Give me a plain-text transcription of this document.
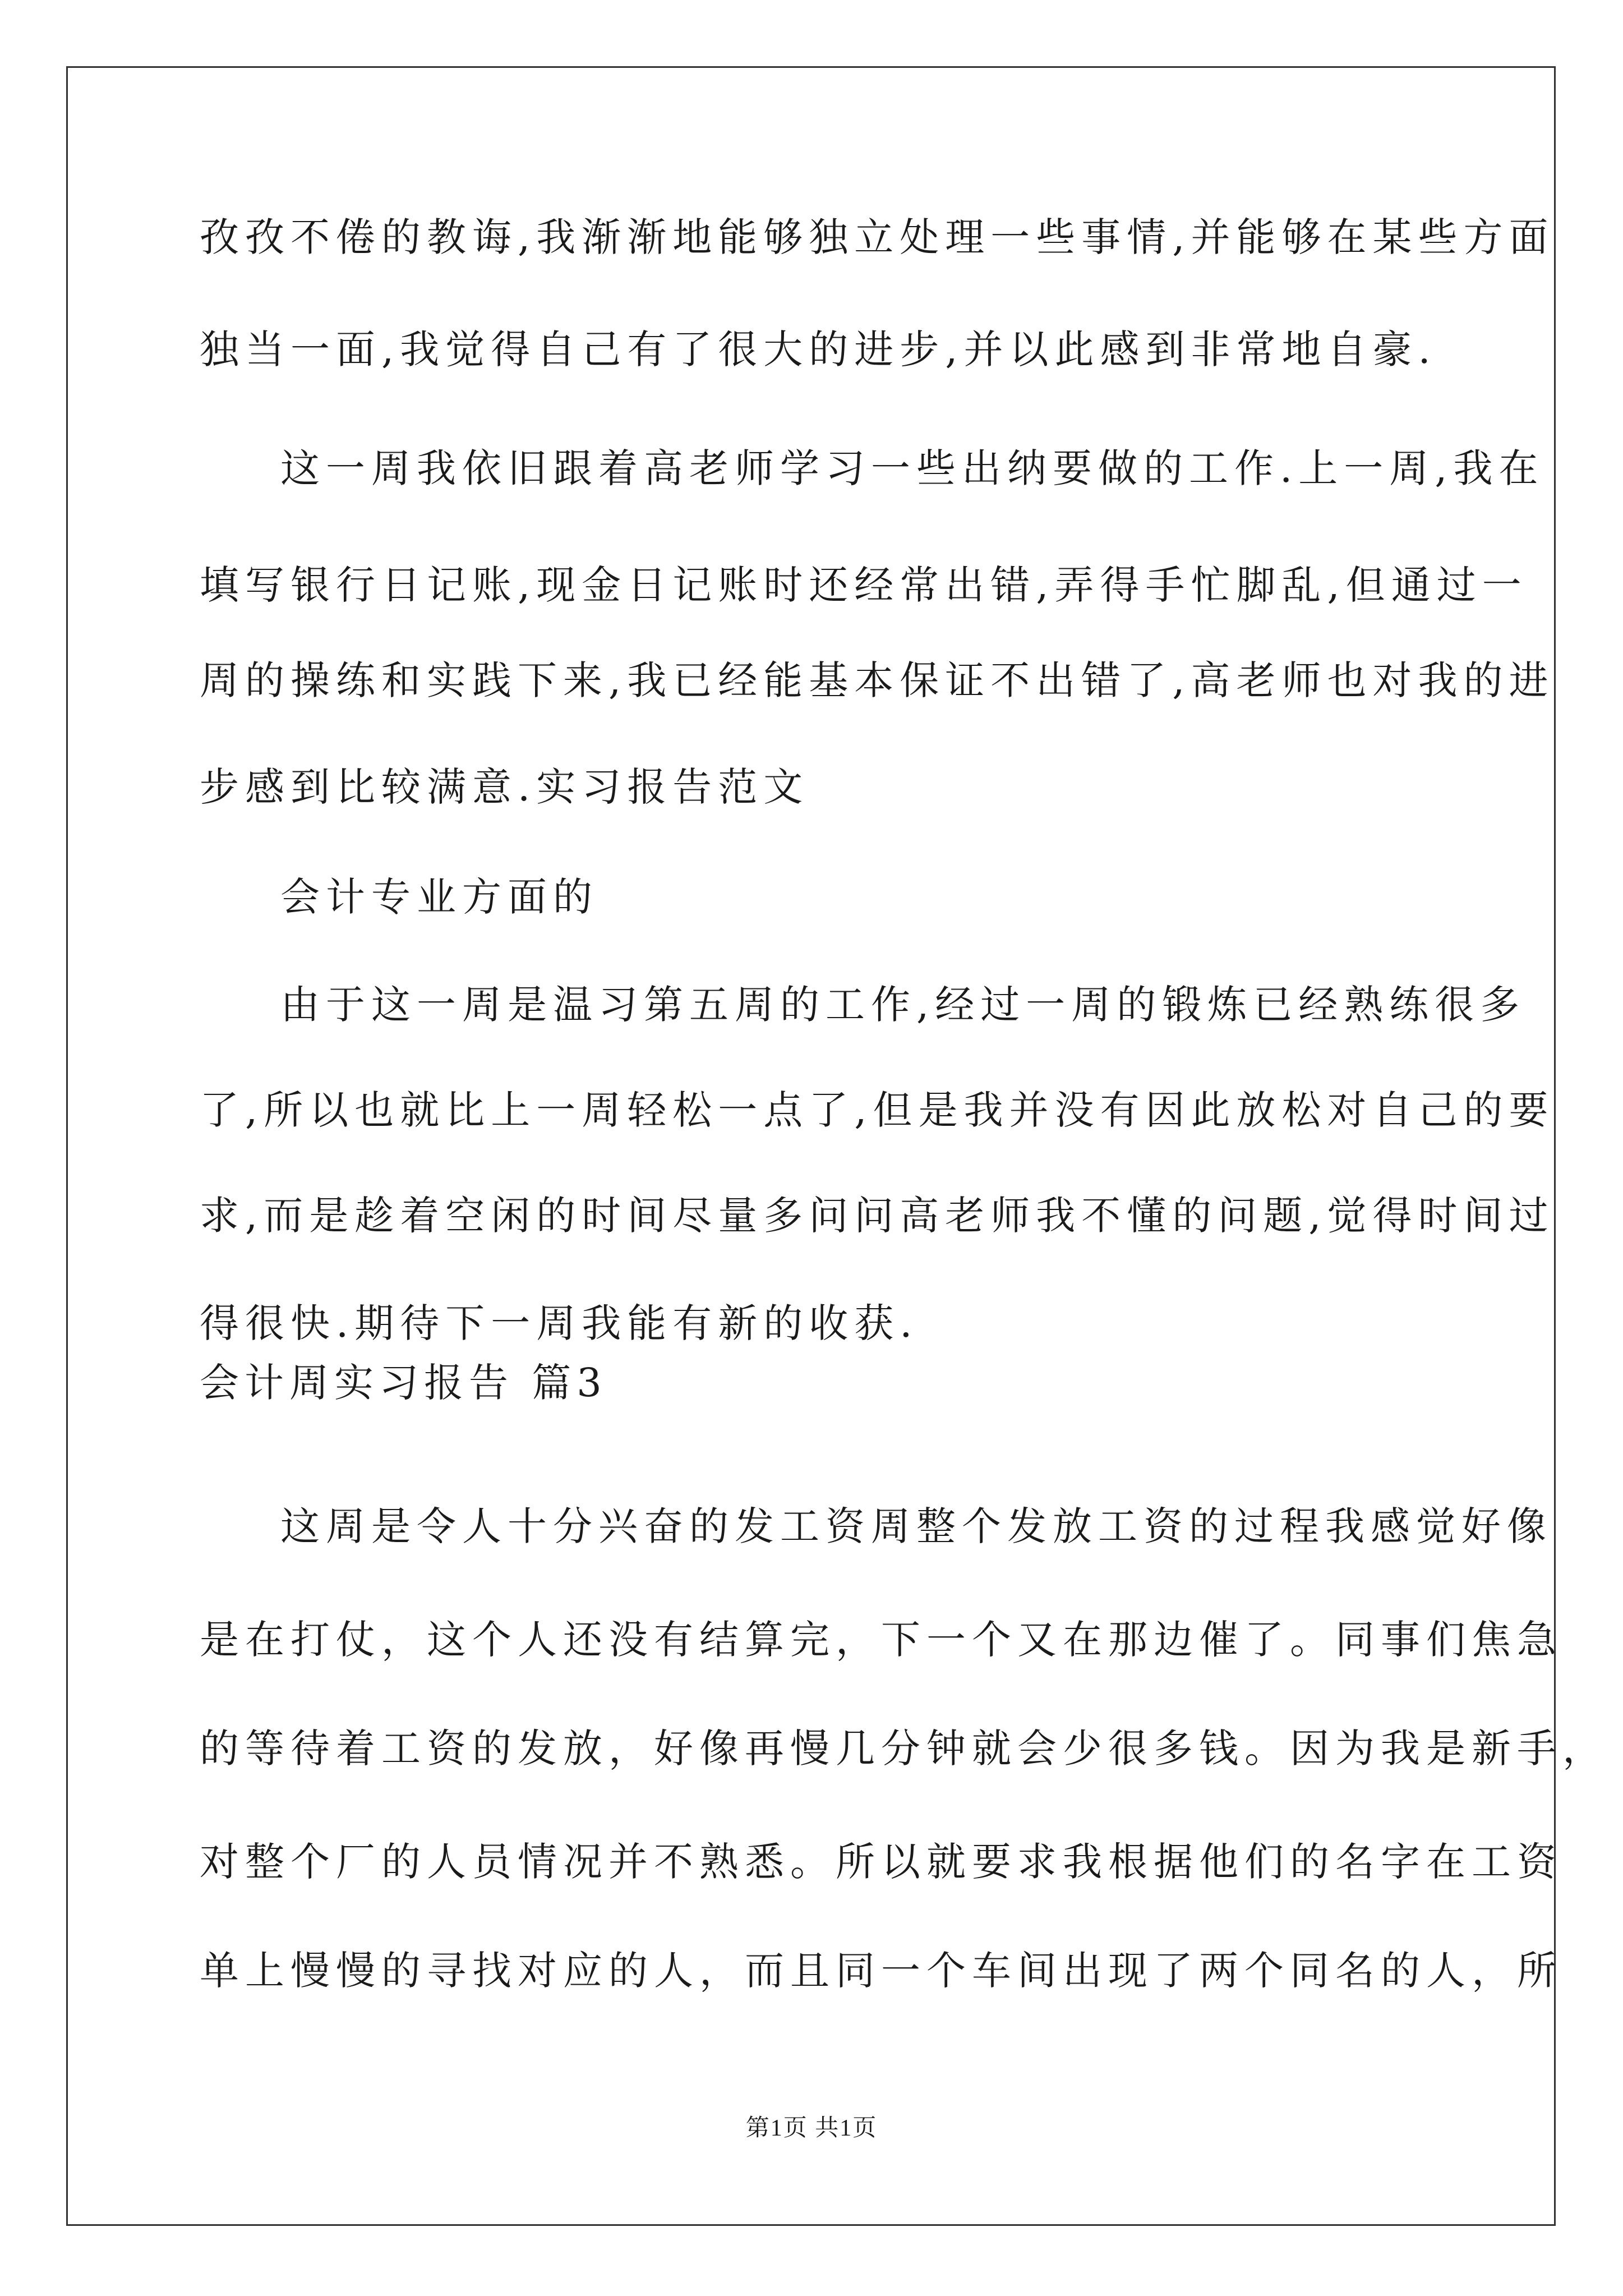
孜孜不倦的教诲,我渐渐地能够独立处理一些事情,并能够在某些方面
独当一面,我觉得自己有了很大的进步,并以此感到非常地自豪.
这一周我依旧跟着高老师学习一些出纳要做的工作.上一周,我在
填写银行日记账,现金日记账时还经常出错,弄得手忙脚乱,但通过一
周的操练和实践下来,我已经能基本保证不出错了,高老师也对我的进
步感到比较满意.实习报告范文
会计专业方面的
由于这一周是温习第五周的工作,经过一周的锻炼已经熟练很多
了,所以也就比上一周轻松一点了,但是我并没有因此放松对自己的要
求,而是趁着空闲的时间尽量多问问高老师我不懂的问题,觉得时间过
得很快.期待下一周我能有新的收获.
会计周实习报告 篇3
这周是令人十分兴奋的发工资周整个发放工资的过程我感觉好像
是在打仗，这个人还没有结算完，下一个又在那边催了。同事们焦急
的等待着工资的发放，好像再慢几分钟就会少很多钱。因为我是新手，
对整个厂的人员情况并不熟悉。所以就要求我根据他们的名字在工资
单上慢慢的寻找对应的人，而且同一个车间出现了两个同名的人，所
第1页 共1页
